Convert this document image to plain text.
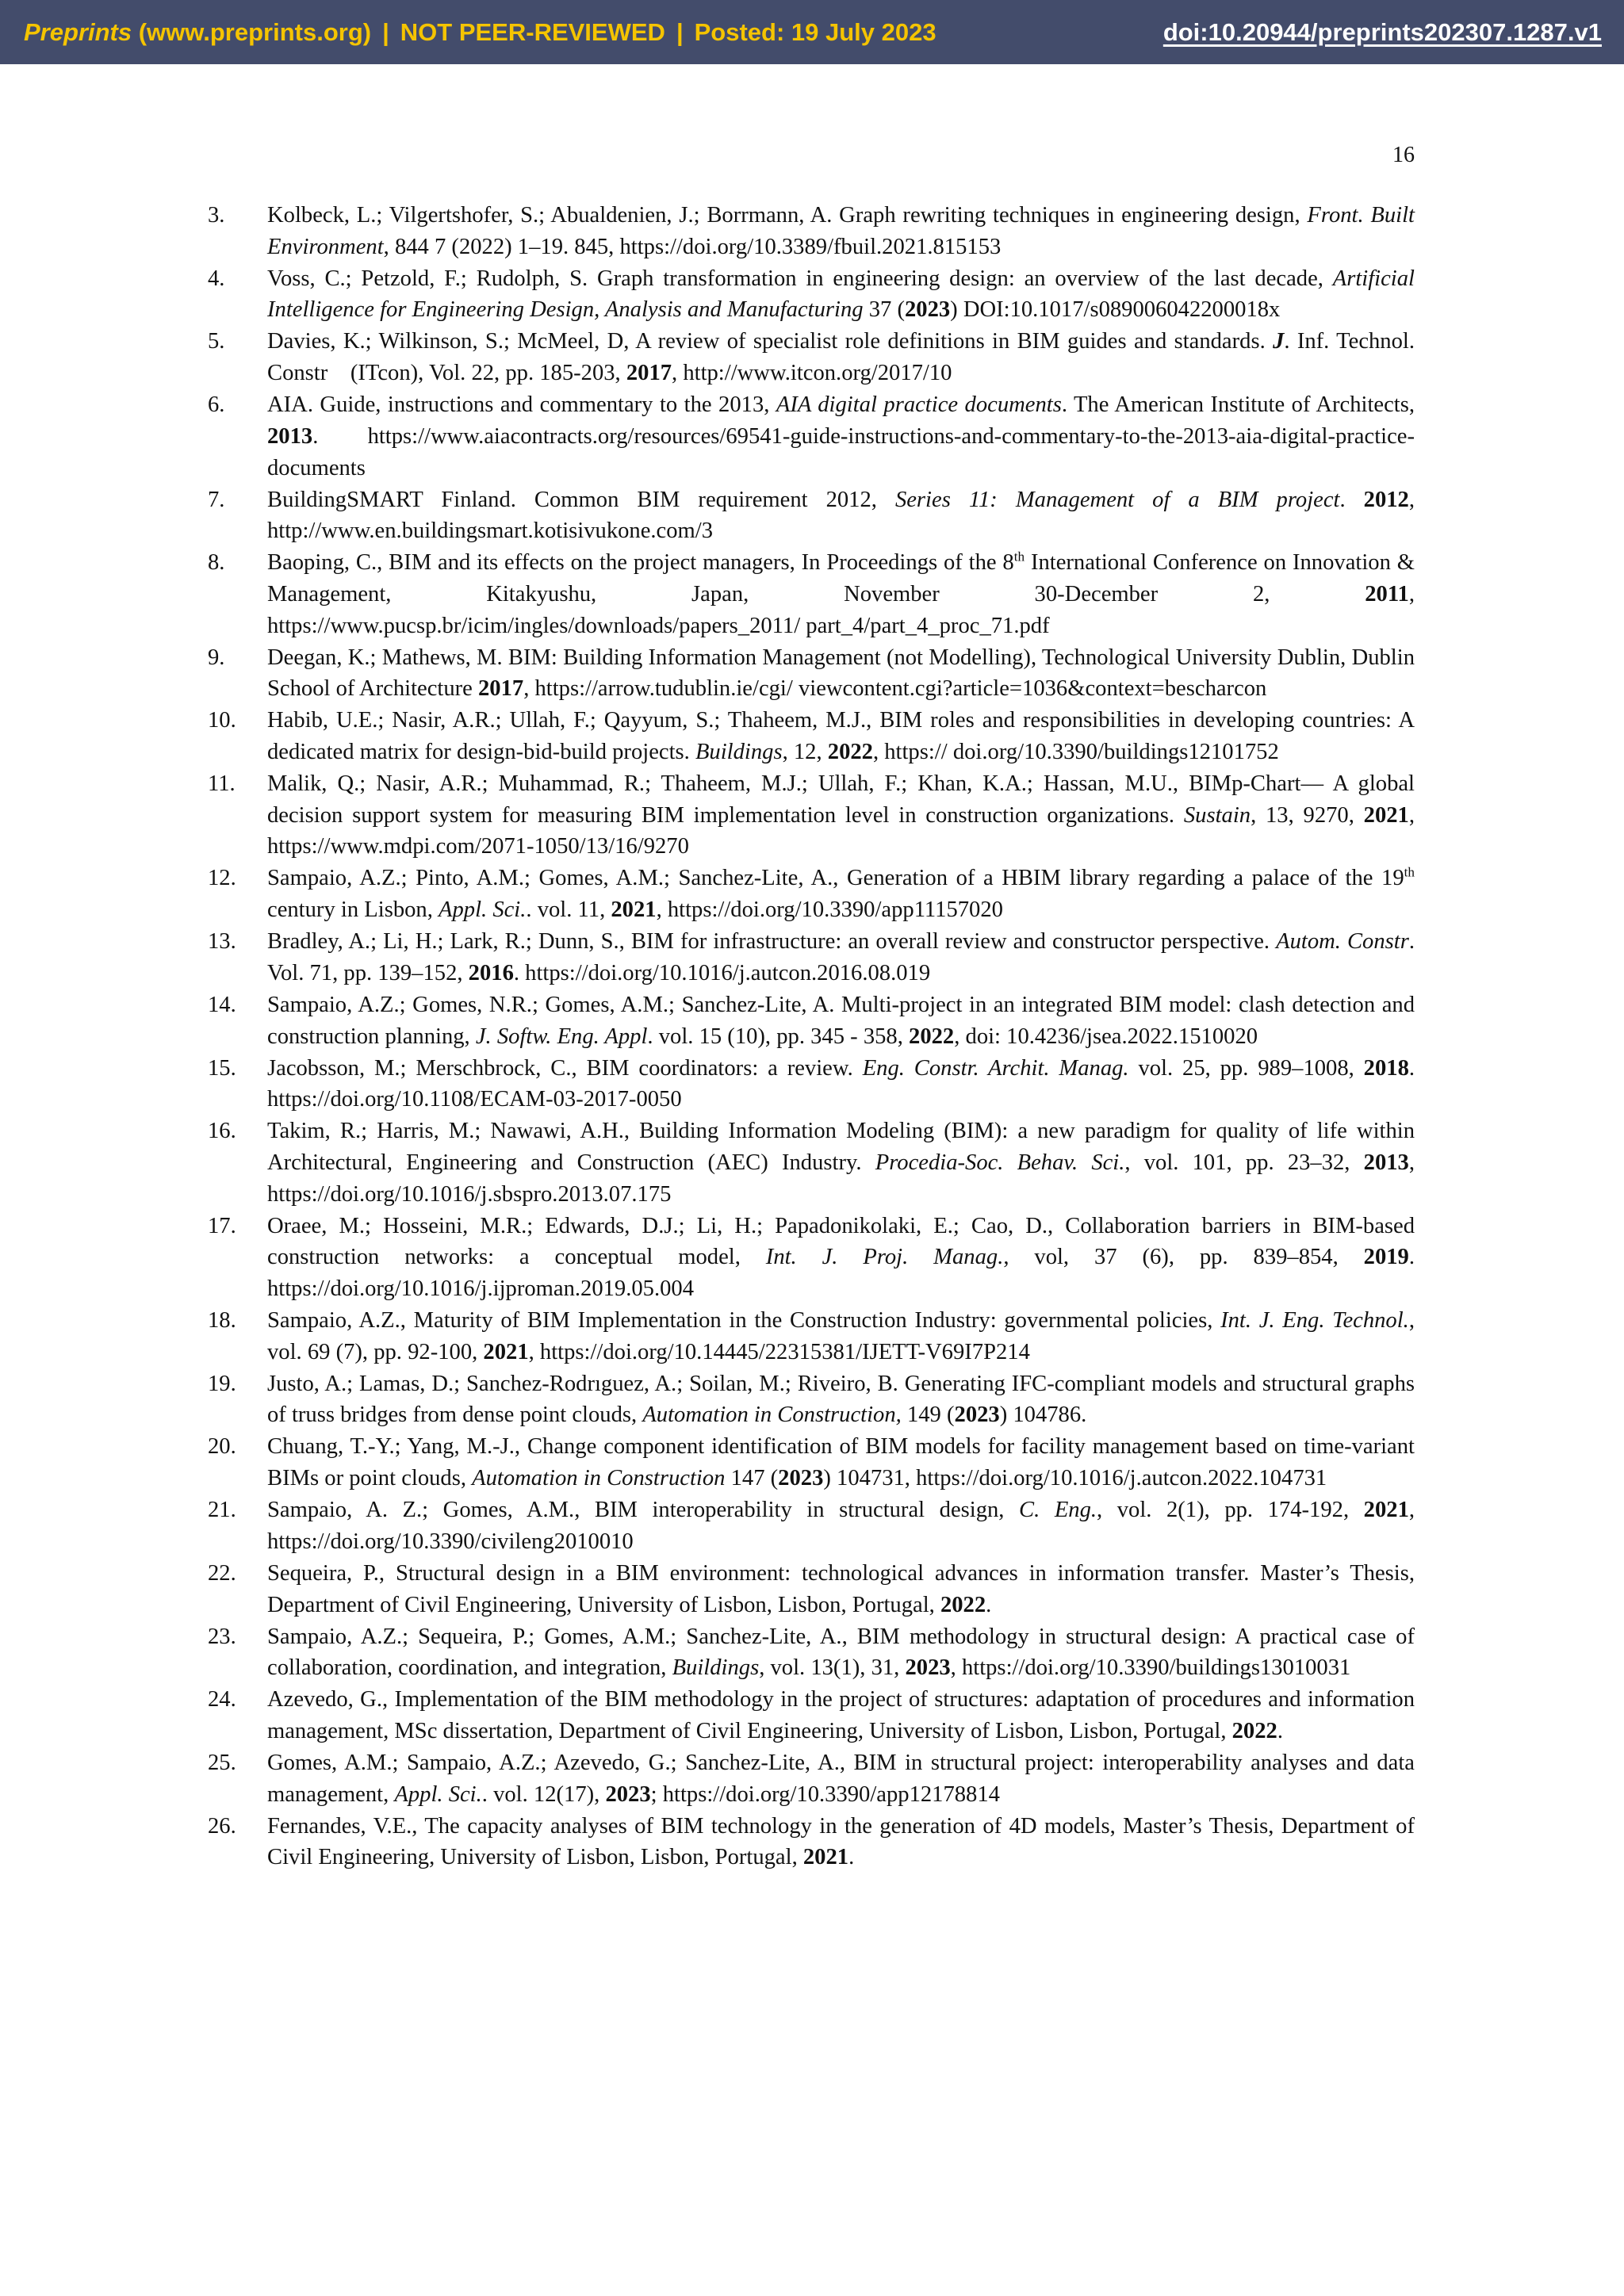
Preprints
(www.preprints.org) | NOT PEER-REVIEWED | Posted: 19 July 2023	doi:10.20944/preprints202307.1287.v1
16
3.	Kolbeck, L.; Vilgertshofer, S.; Abualdenien, J.; Borrmann, A. Graph rewriting techniques in engineering design, Front. Built Environment, 844 7 (2022) 1–19. 845, https://doi.org/10.3389/fbuil.2021.815153
4.	Voss, C.; Petzold, F.; Rudolph, S. Graph transformation in engineering design: an overview of the last decade, Artificial Intelligence for Engineering Design, Analysis and Manufacturing 37 (2023) DOI:10.1017/s089006042200018x
5.	Davies, K.; Wilkinson, S.; McMeel, D, A review of specialist role definitions in BIM guides and standards. J. Inf. Technol. Constr (ITcon), Vol. 22, pp. 185-203, 2017, http://www.itcon.org/2017/10
6.	AIA. Guide, instructions and commentary to the 2013, AIA digital practice documents. The American Institute of Architects, 2013. https://www.aiacontracts.org/resources/69541-guide-instructions-and-commentary-to-the-2013-aia-digital-practice-documents
7.	BuildingSMART Finland. Common BIM requirement 2012, Series 11: Management of a BIM project. 2012, http://www.en.buildingsmart.kotisivukone.com/3
8.	Baoping, C., BIM and its effects on the project managers, In Proceedings of the 8th International Conference on Innovation & Management, Kitakyushu, Japan, November 30-December 2, 2011, https://www.pucsp.br/icim/ingles/downloads/papers_2011/ part_4/part_4_proc_71.pdf
9.	Deegan, K.; Mathews, M. BIM: Building Information Management (not Modelling), Technological University Dublin, Dublin School of Architecture 2017, https://arrow.tudublin.ie/cgi/ viewcontent.cgi?article=1036&context=bescharcon
10.	Habib, U.E.; Nasir, A.R.; Ullah, F.; Qayyum, S.; Thaheem, M.J., BIM roles and responsibilities in developing countries: A dedicated matrix for design-bid-build projects. Buildings, 12, 2022, https:// doi.org/10.3390/buildings12101752
11.	Malik, Q.; Nasir, A.R.; Muhammad, R.; Thaheem, M.J.; Ullah, F.; Khan, K.A.; Hassan, M.U., BIMp-Chart— A global decision support system for measuring BIM implementation level in construction organizations. Sustain, 13, 9270, 2021, https://www.mdpi.com/2071-1050/13/16/9270
12.	Sampaio, A.Z.; Pinto, A.M.; Gomes, A.M.; Sanchez-Lite, A., Generation of a HBIM library regarding a palace of the 19th century in Lisbon, Appl. Sci.. vol. 11, 2021, https://doi.org/10.3390/app11157020
13.	Bradley, A.; Li, H.; Lark, R.; Dunn, S., BIM for infrastructure: an overall review and constructor perspective. Autom. Constr. Vol. 71, pp. 139–152, 2016. https://doi.org/10.1016/j.autcon.2016.08.019
14.	Sampaio, A.Z.; Gomes, N.R.; Gomes, A.M.; Sanchez-Lite, A. Multi-project in an integrated BIM model: clash detection and construction planning, J. Softw. Eng. Appl. vol. 15 (10), pp. 345 - 358, 2022, doi: 10.4236/jsea.2022.1510020
15.	Jacobsson, M.; Merschbrock, C., BIM coordinators: a review. Eng. Constr. Archit. Manag. vol. 25, pp. 989–1008, 2018. https://doi.org/10.1108/ECAM-03-2017-0050
16.	Takim, R.; Harris, M.; Nawawi, A.H., Building Information Modeling (BIM): a new paradigm for quality of life within Architectural, Engineering and Construction (AEC) Industry. Procedia-Soc. Behav. Sci., vol. 101, pp. 23–32, 2013, https://doi.org/10.1016/j.sbspro.2013.07.175
17.	Oraee, M.; Hosseini, M.R.; Edwards, D.J.; Li, H.; Papadonikolaki, E.; Cao, D., Collaboration barriers in BIM-based construction networks: a conceptual model, Int. J. Proj. Manag., vol, 37 (6), pp. 839–854, 2019. https://doi.org/10.1016/j.ijproman.2019.05.004
18.	Sampaio, A.Z., Maturity of BIM Implementation in the Construction Industry: governmental policies, Int. J. Eng. Technol., vol. 69 (7), pp. 92-100, 2021, https://doi.org/10.14445/22315381/IJETT-V69I7P214
19.	Justo, A.; Lamas, D.; Sanchez-Rodrıguez, A.; Soilan, M.; Riveiro, B. Generating IFC-compliant models and structural graphs of truss bridges from dense point clouds, Automation in Construction, 149 (2023) 104786.
20.	Chuang, T.-Y.; Yang, M.-J., Change component identification of BIM models for facility management based on time-variant BIMs or point clouds, Automation in Construction 147 (2023) 104731, https://doi.org/10.1016/j.autcon.2022.104731
21.	Sampaio, A. Z.; Gomes, A.M., BIM interoperability in structural design, C. Eng., vol. 2(1), pp. 174-192, 2021, https://doi.org/10.3390/civileng2010010
22.	Sequeira, P., Structural design in a BIM environment: technological advances in information transfer. Master’s Thesis, Department of Civil Engineering, University of Lisbon, Lisbon, Portugal, 2022.
23.	Sampaio, A.Z.; Sequeira, P.; Gomes, A.M.; Sanchez-Lite, A., BIM methodology in structural design: A practical case of collaboration, coordination, and integration, Buildings, vol. 13(1), 31, 2023, https://doi.org/10.3390/buildings13010031
24.	Azevedo, G., Implementation of the BIM methodology in the project of structures: adaptation of procedures and information management, MSc dissertation, Department of Civil Engineering, University of Lisbon, Lisbon, Portugal, 2022.
25.	Gomes, A.M.; Sampaio, A.Z.; Azevedo, G.; Sanchez-Lite, A., BIM in structural project: interoperability analyses and data management, Appl. Sci.. vol. 12(17), 2023; https://doi.org/10.3390/app12178814
26.	Fernandes, V.E., The capacity analyses of BIM technology in the generation of 4D models, Master’s Thesis, Department of Civil Engineering, University of Lisbon, Lisbon, Portugal, 2021.
